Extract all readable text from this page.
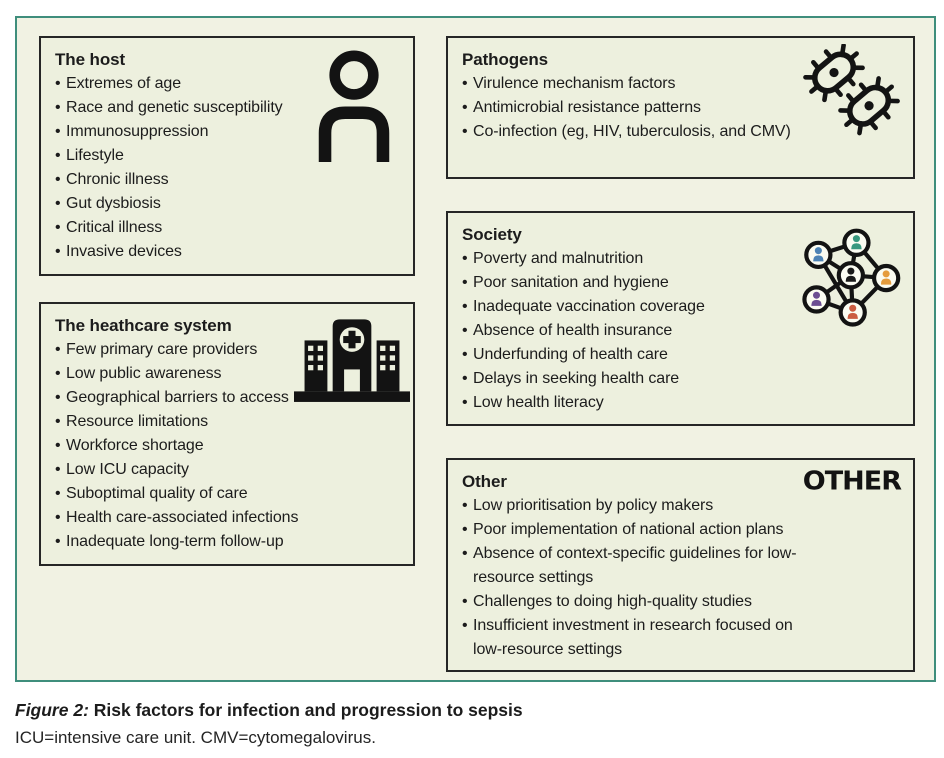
The host
• Extremes of age
• Race and genetic susceptibility
• Immunosuppression
• Lifestyle
• Chronic illness
• Gut dysbiosis
• Critical illness
• Invasive devices
The heathcare system
• Few primary care providers
• Low public awareness
• Geographical barriers to access
• Resource limitations
• Workforce shortage
• Low ICU capacity
• Suboptimal quality of care
• Health care-associated infections
• Inadequate long-term follow-up
Pathogens
• Virulence mechanism factors
• Antimicrobial resistance patterns
• Co-infection (eg, HIV, tuberculosis, and CMV)
Society
• Poverty and malnutrition
• Poor sanitation and hygiene
• Inadequate vaccination coverage
• Absence of health insurance
• Underfunding of health care
• Delays in seeking health care
• Low health literacy
Other
• Low prioritisation by policy makers
• Poor implementation of national action plans
• Absence of context-specific guidelines for low-resource settings
• Challenges to doing high-quality studies
• Insufficient investment in research focused on low-resource settings
OTHER

Figure 2: Risk factors for infection and progression to sepsis

ICU=intensive care unit. CMV=cytomegalovirus.
